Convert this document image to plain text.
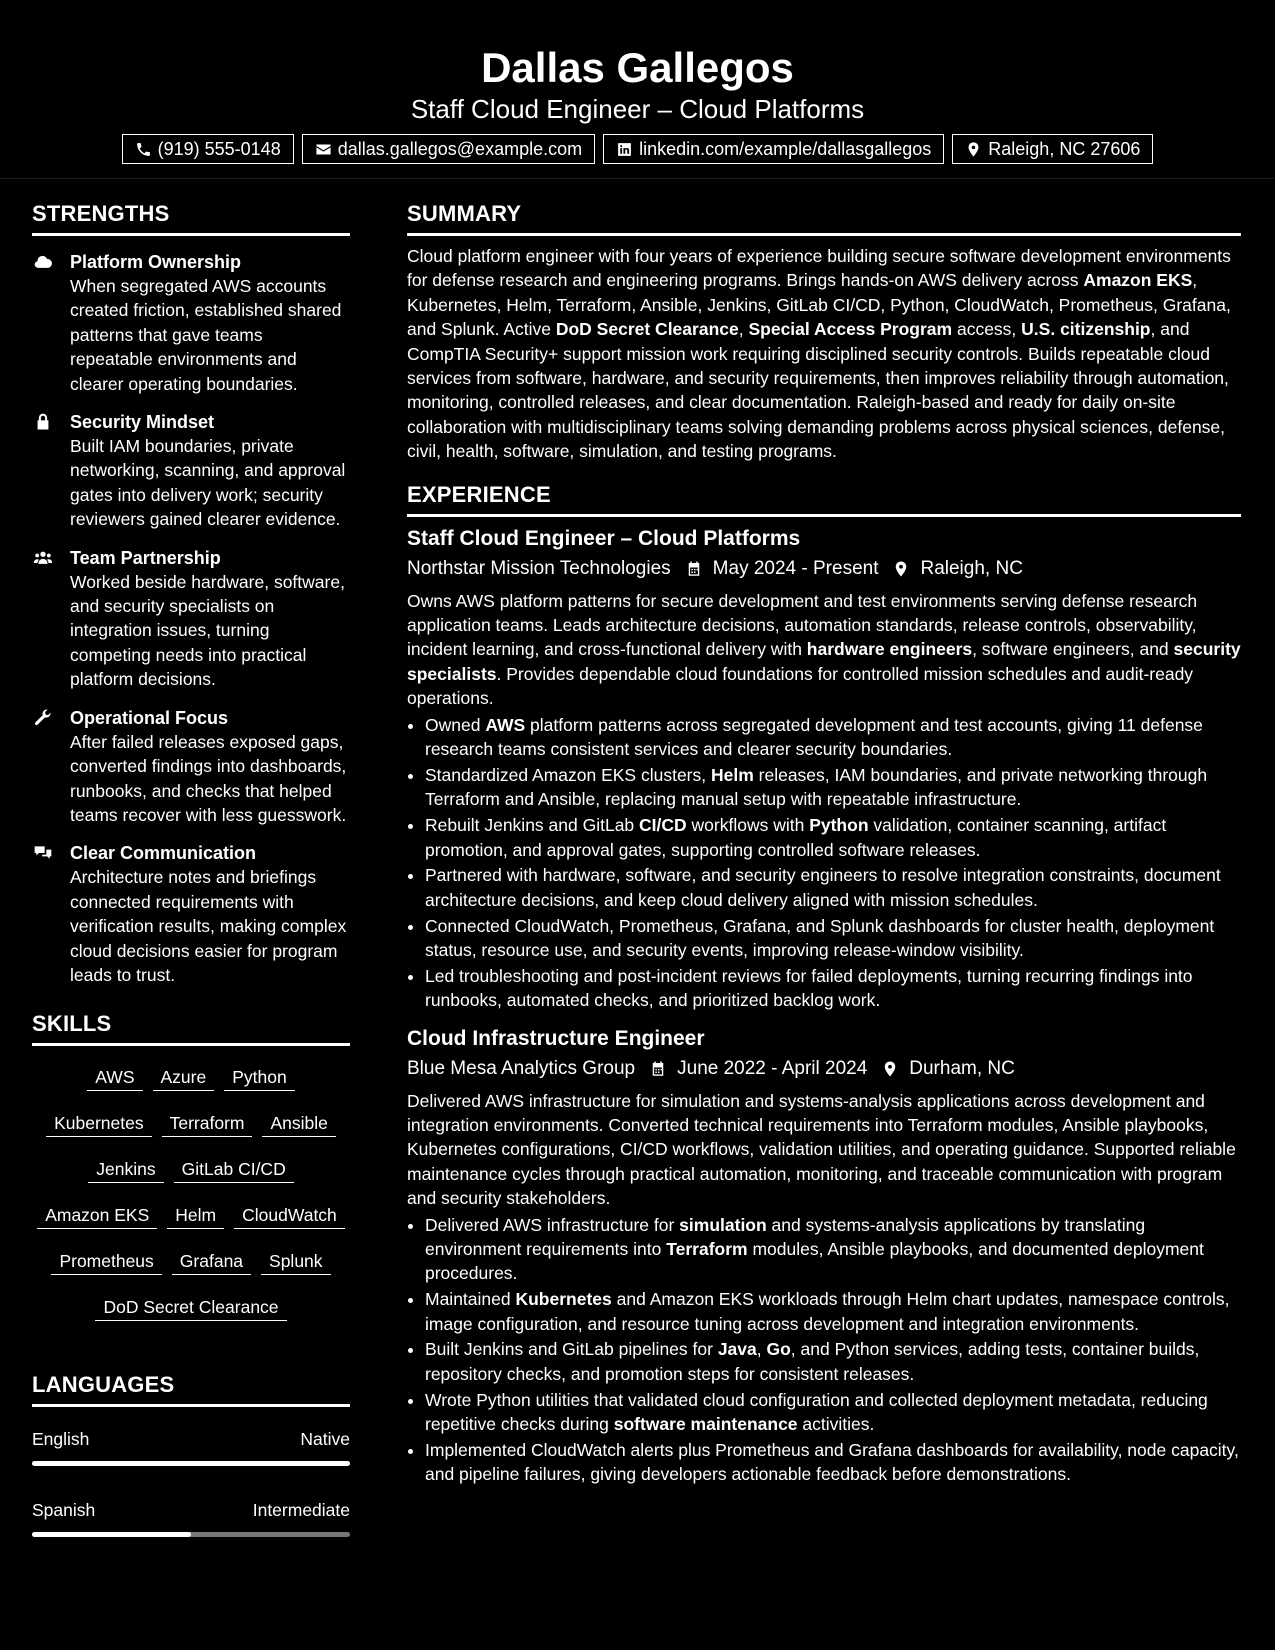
Dallas Gallegos
Staff Cloud Engineer – Cloud Platforms
(919) 555-0148	dallas.gallegos@example.com	linkedin.com/example/dallasgallegos	Raleigh, NC 27606
STRENGTHS
Platform Ownership
When segregated AWS accounts created friction, established shared patterns that gave teams repeatable environments and clearer operating boundaries.
Security Mindset
Built IAM boundaries, private networking, scanning, and approval gates into delivery work; security reviewers gained clearer evidence.
Team Partnership
Worked beside hardware, software, and security specialists on integration issues, turning competing needs into practical platform decisions.
Operational Focus
After failed releases exposed gaps, converted findings into dashboards, runbooks, and checks that helped teams recover with less guesswork.
Clear Communication
Architecture notes and briefings connected requirements with verification results, making complex cloud decisions easier for program leads to trust.
SKILLS
AWS	Azure	Python
Kubernetes	Terraform	Ansible
Jenkins	GitLab CI/CD
Amazon EKS	Helm	CloudWatch
Prometheus	Grafana	Splunk
DoD Secret Clearance
LANGUAGES
English	Native
Spanish	Intermediate
SUMMARY
Cloud platform engineer with four years of experience building secure software development environments for defense research and engineering programs. Brings hands-on AWS delivery across Amazon EKS, Kubernetes, Helm, Terraform, Ansible, Jenkins, GitLab CI/CD, Python, CloudWatch, Prometheus, Grafana, and Splunk. Active DoD Secret Clearance, Special Access Program access, U.S. citizenship, and CompTIA Security+ support mission work requiring disciplined security controls. Builds repeatable cloud services from software, hardware, and security requirements, then improves reliability through automation, monitoring, controlled releases, and clear documentation. Raleigh-based and ready for daily on-site collaboration with multidisciplinary teams solving demanding problems across physical sciences, defense, civil, health, software, simulation, and testing programs.
EXPERIENCE
Staff Cloud Engineer – Cloud Platforms
Northstar Mission Technologies May 2024 - Present Raleigh, NC
Owns AWS platform patterns for secure development and test environments serving defense research application teams. Leads architecture decisions, automation standards, release controls, observability, incident learning, and cross-functional delivery with hardware engineers, software engineers, and security specialists. Provides dependable cloud foundations for controlled mission schedules and audit-ready operations.
• Owned AWS platform patterns across segregated development and test accounts, giving 11 defense research teams consistent services and clearer security boundaries.
• Standardized Amazon EKS clusters, Helm releases, IAM boundaries, and private networking through Terraform and Ansible, replacing manual setup with repeatable infrastructure.
• Rebuilt Jenkins and GitLab CI/CD workflows with Python validation, container scanning, artifact promotion, and approval gates, supporting controlled software releases.
• Partnered with hardware, software, and security engineers to resolve integration constraints, document architecture decisions, and keep cloud delivery aligned with mission schedules.
• Connected CloudWatch, Prometheus, Grafana, and Splunk dashboards for cluster health, deployment status, resource use, and security events, improving release-window visibility.
• Led troubleshooting and post-incident reviews for failed deployments, turning recurring findings into runbooks, automated checks, and prioritized backlog work.
Cloud Infrastructure Engineer
Blue Mesa Analytics Group June 2022 - April 2024 Durham, NC
Delivered AWS infrastructure for simulation and systems-analysis applications across development and integration environments. Converted technical requirements into Terraform modules, Ansible playbooks, Kubernetes configurations, CI/CD workflows, validation utilities, and operating guidance. Supported reliable maintenance cycles through practical automation, monitoring, and traceable communication with program and security stakeholders.
• Delivered AWS infrastructure for simulation and systems-analysis applications by translating environment requirements into Terraform modules, Ansible playbooks, and documented deployment procedures.
• Maintained Kubernetes and Amazon EKS workloads through Helm chart updates, namespace controls, image configuration, and resource tuning across development and integration environments.
• Built Jenkins and GitLab pipelines for Java, Go, and Python services, adding tests, container builds, repository checks, and promotion steps for consistent releases.
• Wrote Python utilities that validated cloud configuration and collected deployment metadata, reducing repetitive checks during software maintenance activities.
• Implemented CloudWatch alerts plus Prometheus and Grafana dashboards for availability, node capacity, and pipeline failures, giving developers actionable feedback before demonstrations.
